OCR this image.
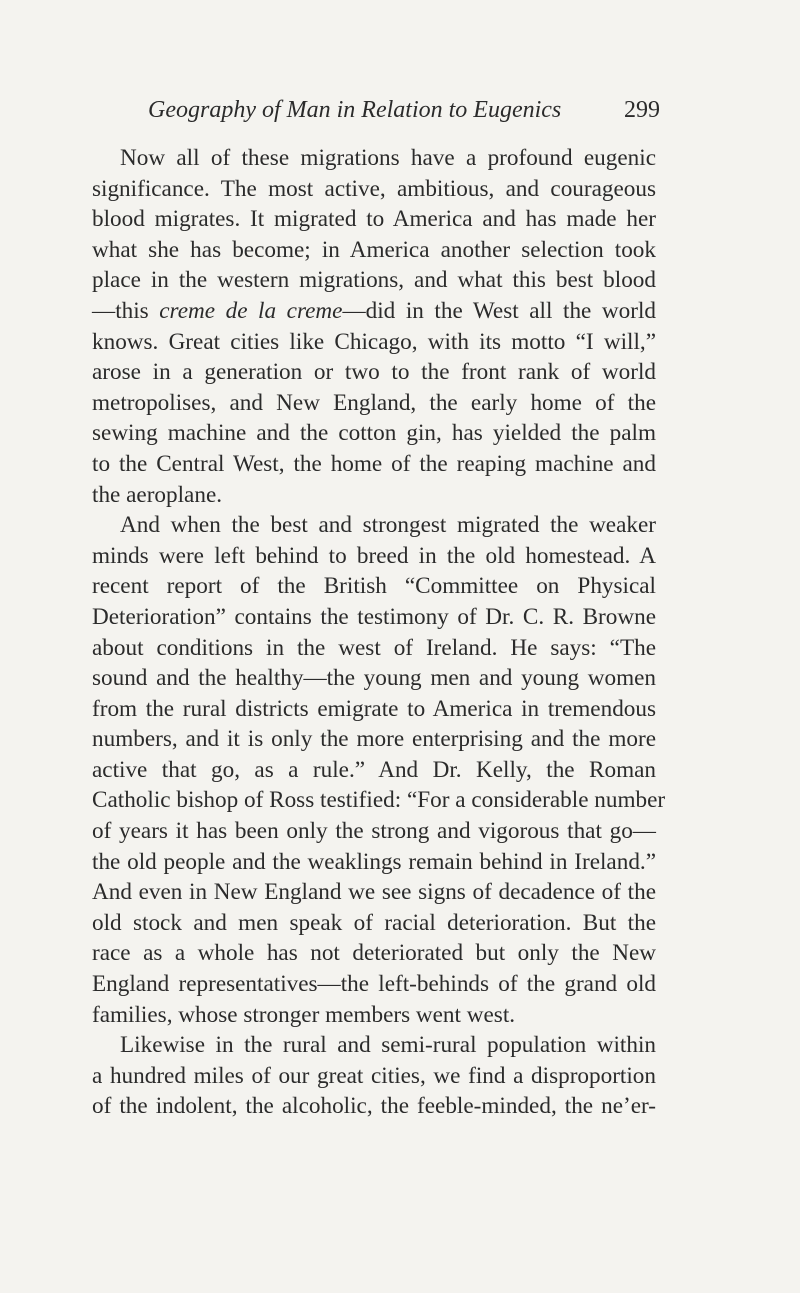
Geography of Man in Relation to Eugenics	299
Now all of these migrations have a profound eugenic
significance. The most active, ambitious, and courageous
blood migrates. It migrated to America and has made her
what she has become; in America another selection took
place in the western migrations, and what this best blood
—this creme de la creme—did in the West all the world
knows. Great cities like Chicago, with its motto “I will,”
arose in a generation or two to the front rank of world
metropolises, and New England, the early home of the
sewing machine and the cotton gin, has yielded the palm
to the Central West, the home of the reaping machine and
the aeroplane.
And when the best and strongest migrated the weaker
minds were left behind to breed in the old homestead. A
recent report of the British “Committee on Physical
Deterioration” contains the testimony of Dr. C. R. Browne
about conditions in the west of Ireland. He says: “The
sound and the healthy—the young men and young women
from the rural districts emigrate to America in tremendous
numbers, and it is only the more enterprising and the more
active that go, as a rule.” And Dr. Kelly, the Roman
Catholic bishop of Ross testified: “For a considerable number
of years it has been only the strong and vigorous that go—
the old people and the weaklings remain behind in Ireland.”
And even in New England we see signs of decadence of the
old stock and men speak of racial deterioration. But the
race as a whole has not deteriorated but only the New
England representatives—the left-behinds of the grand old
families, whose stronger members went west.
Likewise in the rural and semi-rural population within
a hundred miles of our great cities, we find a disproportion
of the indolent, the alcoholic, the feeble-minded, the ne’er-
